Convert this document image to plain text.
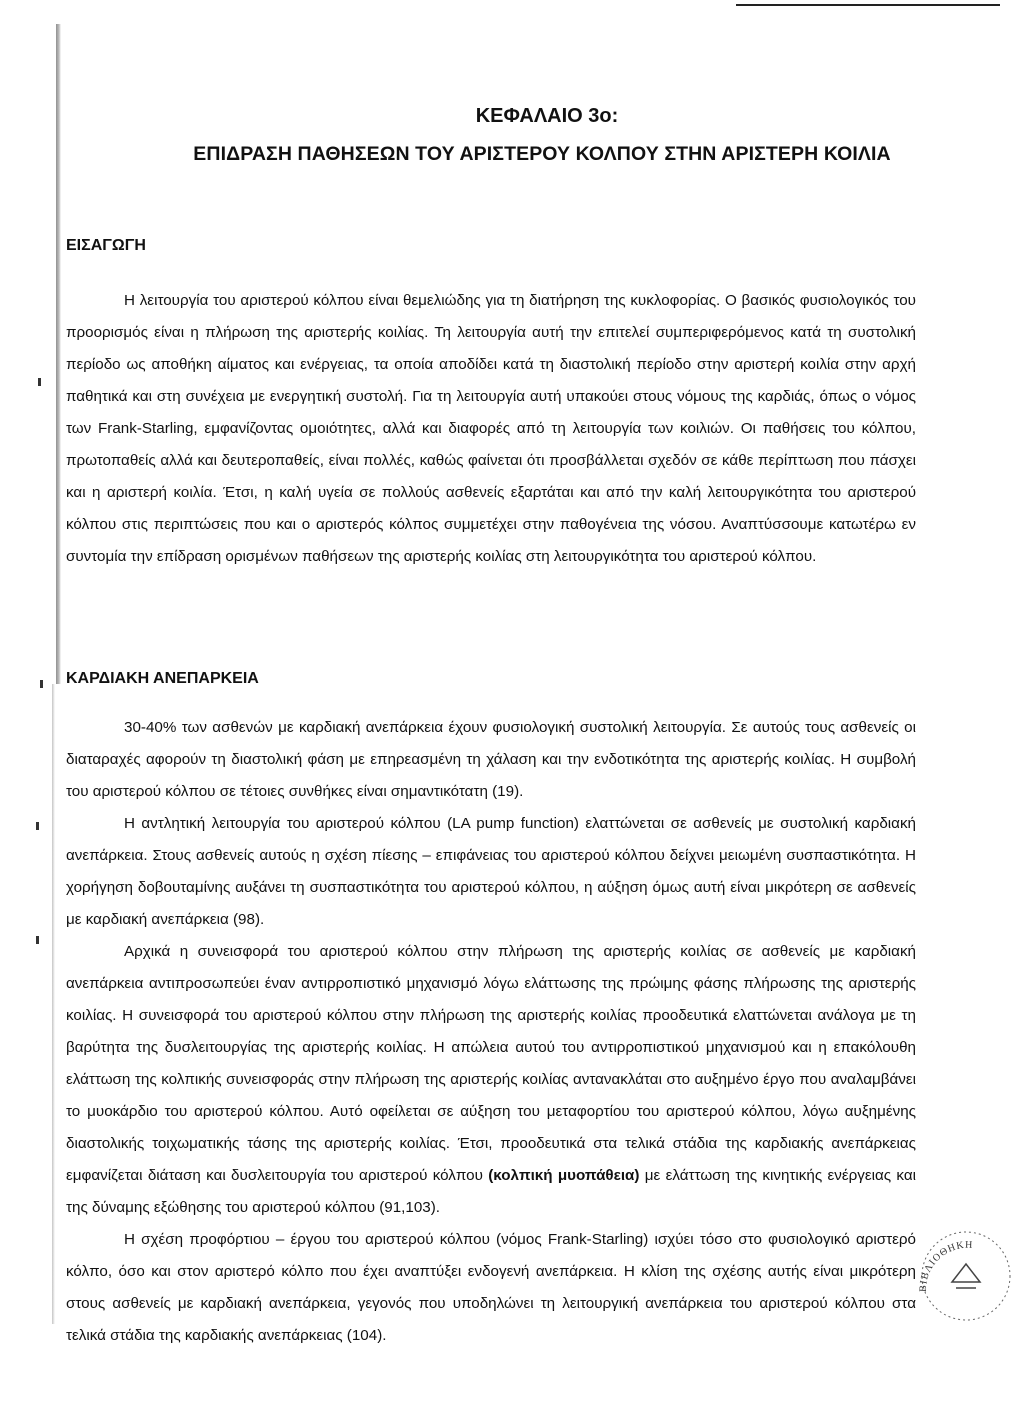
ΚΕΦΑΛΑΙΟ 3ο:
ΕΠΙΔΡΑΣΗ ΠΑΘΗΣΕΩΝ ΤΟΥ ΑΡΙΣΤΕΡΟΥ ΚΟΛΠΟΥ ΣΤΗΝ ΑΡΙΣΤΕΡΗ ΚΟΙΛΙΑ
ΕΙΣΑΓΩΓΗ

Η λειτουργία του αριστερού κόλπου είναι θεμελιώδης για τη διατήρηση της κυκλοφορίας. Ο βασικός φυσιολογικός του προορισμός είναι η πλήρωση της αριστερής κοιλίας. Τη λειτουργία αυτή την επιτελεί συμπεριφερόμενος κατά τη συστολική περίοδο ως αποθήκη αίματος και ενέργειας, τα οποία αποδίδει κατά τη διαστολική περίοδο στην αριστερή κοιλία στην αρχή παθητικά και στη συνέχεια με ενεργητική συστολή. Για τη λειτουργία αυτή υπακούει στους νόμους της καρδιάς, όπως ο νόμος των Frank-Starling, εμφανίζοντας ομοιότητες, αλλά και διαφορές από τη λειτουργία των κοιλιών. Οι παθήσεις του κόλπου, πρωτοπαθείς αλλά και δευτεροπαθείς, είναι πολλές, καθώς φαίνεται ότι προσβάλλεται σχεδόν σε κάθε περίπτωση που πάσχει και η αριστερή κοιλία. Έτσι, η καλή υγεία σε πολλούς ασθενείς εξαρτάται και από την καλή λειτουργικότητα του αριστερού κόλπου στις περιπτώσεις που και ο αριστερός κόλπος συμμετέχει στην παθογένεια της νόσου. Αναπτύσσουμε κατωτέρω εν συντομία την επίδραση ορισμένων παθήσεων της αριστερής κοιλίας στη λειτουργικότητα του αριστερού κόλπου.

ΚΑΡΔΙΑΚΗ ΑΝΕΠΑΡΚΕΙΑ

30-40% των ασθενών με καρδιακή ανεπάρκεια έχουν φυσιολογική συστολική λειτουργία. Σε αυτούς τους ασθενείς οι διαταραχές αφορούν τη διαστολική φάση με επηρεασμένη τη χάλαση και την ενδοτικότητα της αριστερής κοιλίας. Η συμβολή του αριστερού κόλπου σε τέτοιες συνθήκες είναι σημαντικότατη (19).

Η αντλητική λειτουργία του αριστερού κόλπου (LA pump function) ελαττώνεται σε ασθενείς με συστολική καρδιακή ανεπάρκεια. Στους ασθενείς αυτούς η σχέση πίεσης – επιφάνειας του αριστερού κόλπου δείχνει μειωμένη συσπαστικότητα. Η χορήγηση δοβουταμίνης αυξάνει τη συσπαστικότητα του αριστερού κόλπου, η αύξηση όμως αυτή είναι μικρότερη σε ασθενείς με καρδιακή ανεπάρκεια (98).

Αρχικά η συνεισφορά του αριστερού κόλπου στην πλήρωση της αριστερής κοιλίας σε ασθενείς με καρδιακή ανεπάρκεια αντιπροσωπεύει έναν αντιρροπιστικό μηχανισμό λόγω ελάττωσης της πρώιμης φάσης πλήρωσης της αριστερής κοιλίας. Η συνεισφορά του αριστερού κόλπου στην πλήρωση της αριστερής κοιλίας προοδευτικά ελαττώνεται ανάλογα με τη βαρύτητα της δυσλειτουργίας της αριστερής κοιλίας. Η απώλεια αυτού του αντιρροπιστικού μηχανισμού και η επακόλουθη ελάττωση της κολπικής συνεισφοράς στην πλήρωση της αριστερής κοιλίας αντανακλάται στο αυξημένο έργο που αναλαμβάνει το μυοκάρδιο του αριστερού κόλπου. Αυτό οφείλεται σε αύξηση του μεταφορτίου του αριστερού κόλπου, λόγω αυξημένης διαστολικής τοιχωματικής τάσης της αριστερής κοιλίας. Έτσι, προοδευτικά στα τελικά στάδια της καρδιακής ανεπάρκειας εμφανίζεται διάταση και δυσλειτουργία του αριστερού κόλπου (κολπική μυοπάθεια) με ελάττωση της κινητικής ενέργειας και της δύναμης εξώθησης του αριστερού κόλπου (91,103).

Η σχέση προφόρτιου – έργου του αριστερού κόλπου (νόμος Frank-Starling) ισχύει τόσο στο φυσιολογικό αριστερό κόλπο, όσο και στον αριστερό κόλπο που έχει αναπτύξει ενδογενή ανεπάρκεια. Η κλίση της σχέσης αυτής είναι μικρότερη στους ασθενείς με καρδιακή ανεπάρκεια, γεγονός που υποδηλώνει τη λειτουργική ανεπάρκεια του αριστερού κόλπου στα τελικά στάδια της καρδιακής ανεπάρκειας (104).

ΒΙΒΛΙΟΘΗΚΗ
